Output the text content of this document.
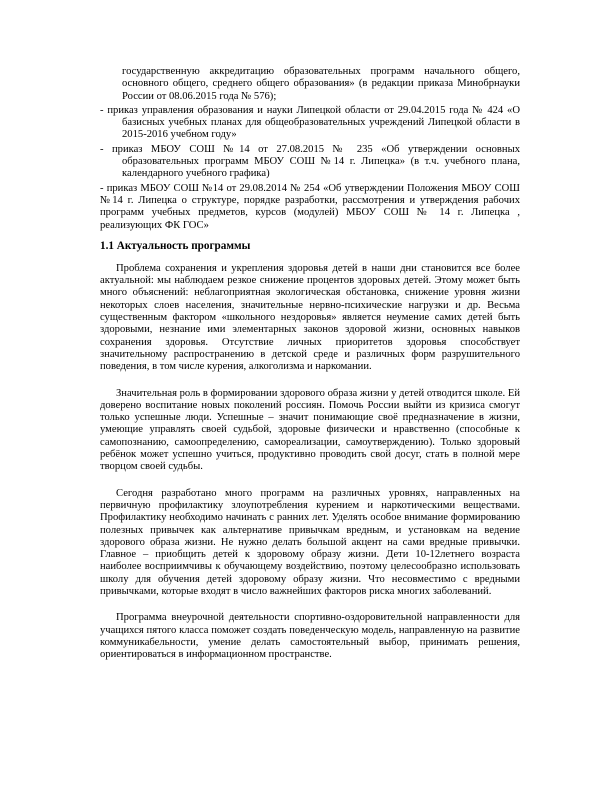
государственную аккредитацию образовательных программ начального общего, основного общего, среднего общего образования» (в редакции приказа Минобрнауки России от 08.06.2015 года № 576);

- приказ управления образования и науки Липецкой области от 29.04.2015 года № 424 «О базисных учебных планах для общеобразовательных учреждений Липецкой области в 2015-2016 учебном году»

- приказ МБОУ СОШ №14 от 27.08.2015 № 235 «Об утверждении основных образовательных программ МБОУ СОШ №14 г. Липецка» (в т.ч. учебного плана, календарного учебного графика)

- приказ МБОУ СОШ №14 от 29.08.2014 № 254 «Об утверждении Положения МБОУ СОШ №14 г. Липецка о структуре, порядке разработки, рассмотрения и утверждения рабочих программ учебных предметов, курсов (модулей) МБОУ СОШ № 14 г. Липецка , реализующих ФК ГОС»

1.1 Актуальность программы

Проблема сохранения и укрепления здоровья детей в наши дни становится все более актуальной: мы наблюдаем резкое снижение процентов здоровых детей. Этому может быть много объяснений: неблагоприятная экологическая обстановка, снижение уровня жизни некоторых слоев населения, значительные нервно-психические нагрузки и др. Весьма существенным фактором «школьного нездоровья» является неумение самих детей быть здоровыми, незнание ими элементарных законов здоровой жизни, основных навыков сохранения здоровья. Отсутствие личных приоритетов здоровья способствует значительному распространению в детской среде и различных форм разрушительного поведения, в том числе курения, алкоголизма и наркомании.

Значительная роль в формировании здорового образа жизни у детей отводится школе. Ей доверено воспитание новых поколений россиян. Помочь России выйти из кризиса смогут только успешные люди. Успешные – значит понимающие своё предназначение в жизни, умеющие управлять своей судьбой, здоровые физически и нравственно (способные к самопознанию, самоопределению, самореализации, самоутверждению). Только здоровый ребёнок может успешно учиться, продуктивно проводить свой досуг, стать в полной мере творцом своей судьбы.

Сегодня разработано много программ на различных уровнях, направленных на первичную профилактику злоупотребления курением и наркотическими веществами. Профилактику необходимо начинать с ранних лет. Уделять особое внимание формированию полезных привычек как альтернативе привычкам вредным, и установкам на ведение здорового образа жизни. Не нужно делать большой акцент на сами вредные привычки. Главное – приобщить детей к здоровому образу жизни. Дети 10-12летнего возраста наиболее восприимчивы к обучающему воздействию, поэтому целесообразно использовать школу для обучения детей здоровому образу жизни. Что несовместимо с вредными привычками, которые входят в число важнейших факторов риска многих заболеваний.

Программа внеурочной деятельности спортивно-оздоровительной направленности для учащихся пятого класса поможет создать поведенческую модель, направленную на развитие коммуникабельности, умение делать самостоятельный выбор, принимать решения, ориентироваться в информационном пространстве.
